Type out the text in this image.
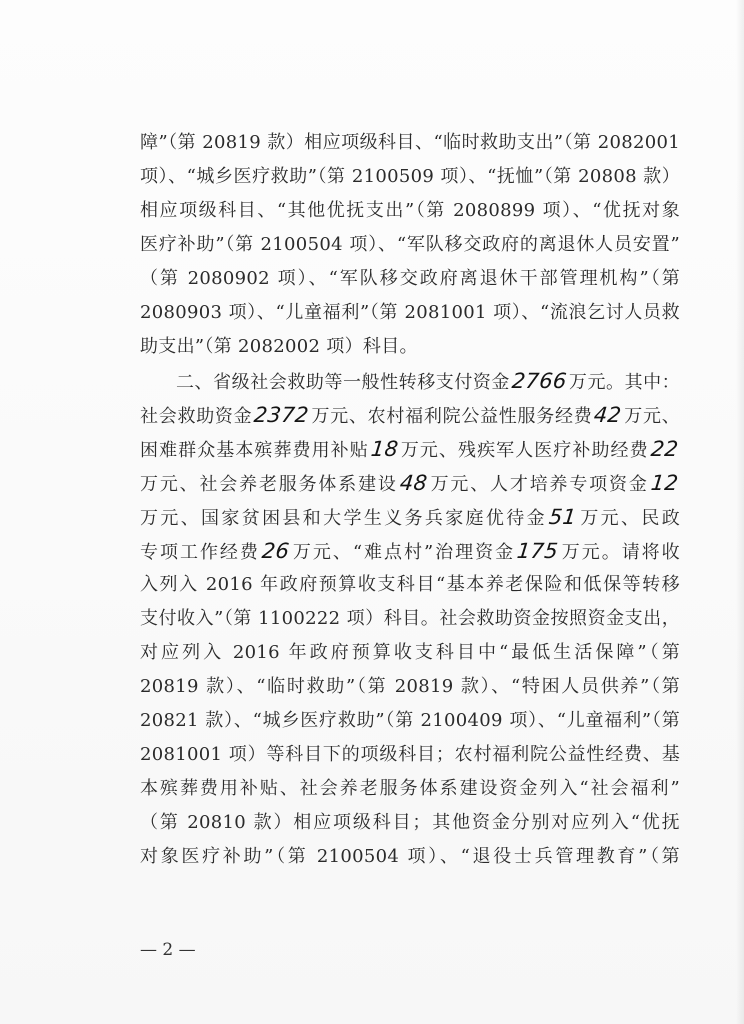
障”（第 20819 款）相应项级科目、“临时救助支出”（第 2082001
项）、“城乡医疗救助”（第 2100509 项）、“抚恤”（第 20808 款）
相应项级科目、“其他优抚支出”（第 2080899 项）、“优抚对象
医疗补助”（第 2100504 项）、“军队移交政府的离退休人员安置”
（第 2080902 项）、“军队移交政府离退休干部管理机构”（第
2080903 项）、“儿童福利”（第 2081001 项）、“流浪乞讨人员救
助支出”（第 2082002 项）科目。
二、省级社会救助等一般性转移支付资金2766万元。其中：
社会救助资金2372万元、农村福利院公益性服务经费42万元、
困难群众基本殡葬费用补贴18万元、残疾军人医疗补助经费22
万元、社会养老服务体系建设48万元、人才培养专项资金12
万元、国家贫困县和大学生义务兵家庭优待金51万元、民政
专项工作经费26万元、“难点村”治理资金175万元。请将收
入列入 2016 年政府预算收支科目“基本养老保险和低保等转移
支付收入”（第 1100222 项）科目。社会救助资金按照资金支出，
对应列入 2016 年政府预算收支科目中“最低生活保障”（第
20819 款）、“临时救助”（第 20819 款）、“特困人员供养”（第
20821 款）、“城乡医疗救助”（第 2100409 项）、“儿童福利”（第
2081001 项）等科目下的项级科目；农村福利院公益性经费、基
本殡葬费用补贴、社会养老服务体系建设资金列入“社会福利”
（第 20810 款）相应项级科目；其他资金分别对应列入“优抚
对象医疗补助”（第 2100504 项）、“退役士兵管理教育”（第
— 2 —
